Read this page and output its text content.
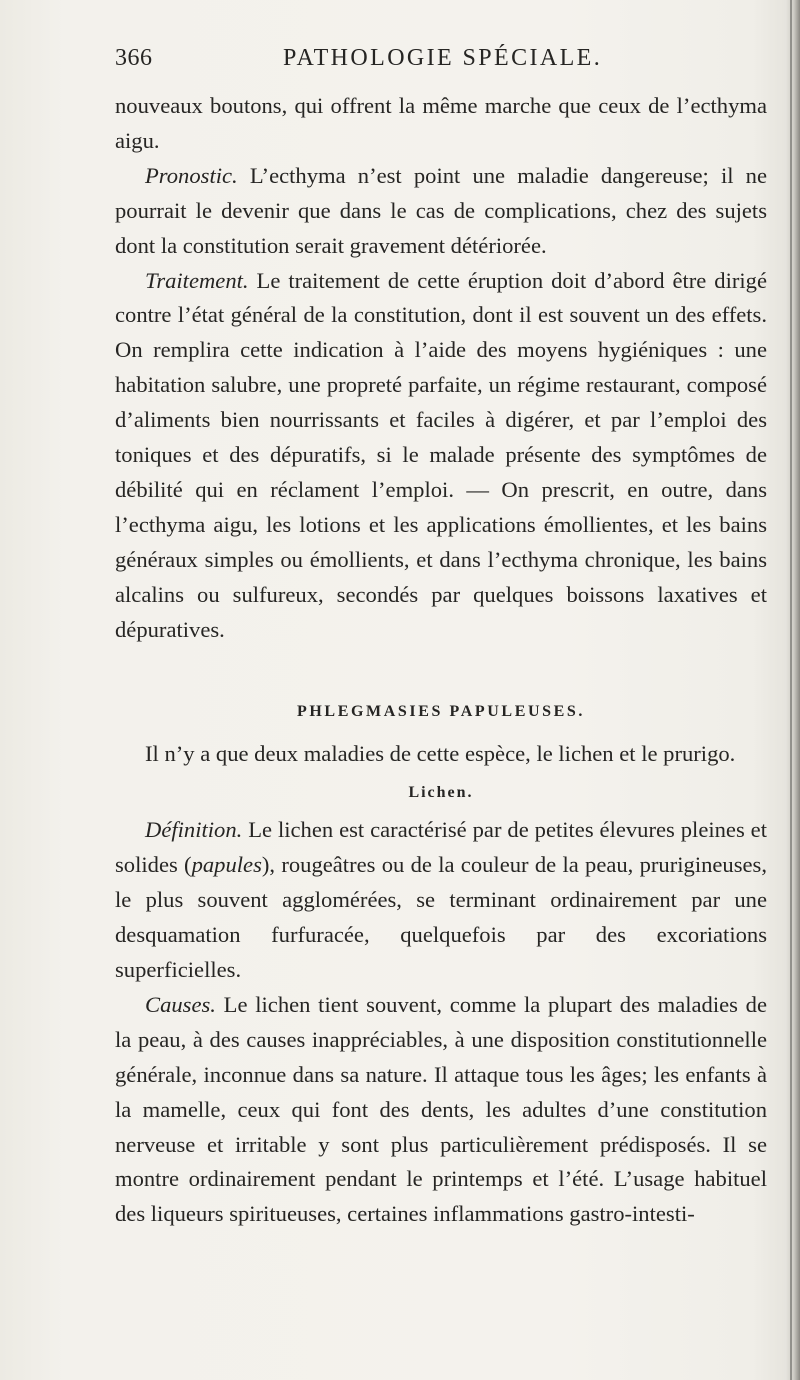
366	PATHOLOGIE SPÉCIALE.

nouveaux boutons, qui offrent la même marche que ceux de l’ecthyma aigu.

Pronostic. L’ecthyma n’est point une maladie dangereuse; il ne pourrait le devenir que dans le cas de complications, chez des sujets dont la constitution serait gravement détériorée.

Traitement. Le traitement de cette éruption doit d’abord être dirigé contre l’état général de la constitution, dont il est souvent un des effets. On remplira cette indication à l’aide des moyens hygiéniques : une habitation salubre, une propreté parfaite, un régime restaurant, composé d’aliments bien nourrissants et faciles à digérer, et par l’emploi des toniques et des dépuratifs, si le malade présente des symptômes de débilité qui en réclament l’emploi. — On prescrit, en outre, dans l’ecthyma aigu, les lotions et les applications émollientes, et les bains généraux simples ou émollients, et dans l’ecthyma chronique, les bains alcalins ou sulfureux, secondés par quelques boissons laxatives et dépuratives.

PHLEGMASIES PAPULEUSES.

Il n’y a que deux maladies de cette espèce, le lichen et le prurigo.

Lichen.

Définition. Le lichen est caractérisé par de petites élevures pleines et solides (papules), rougeâtres ou de la couleur de la peau, prurigineuses, le plus souvent agglomérées, se terminant ordinairement par une desquamation furfuracée, quelquefois par des excoriations superficielles.

Causes. Le lichen tient souvent, comme la plupart des maladies de la peau, à des causes inappréciables, à une disposition constitutionnelle générale, inconnue dans sa nature. Il attaque tous les âges; les enfants à la mamelle, ceux qui font des dents, les adultes d’une constitution nerveuse et irritable y sont plus particulièrement prédisposés. Il se montre ordinairement pendant le printemps et l’été. L’usage habituel des liqueurs spiritueuses, certaines inflammations gastro-intesti-
